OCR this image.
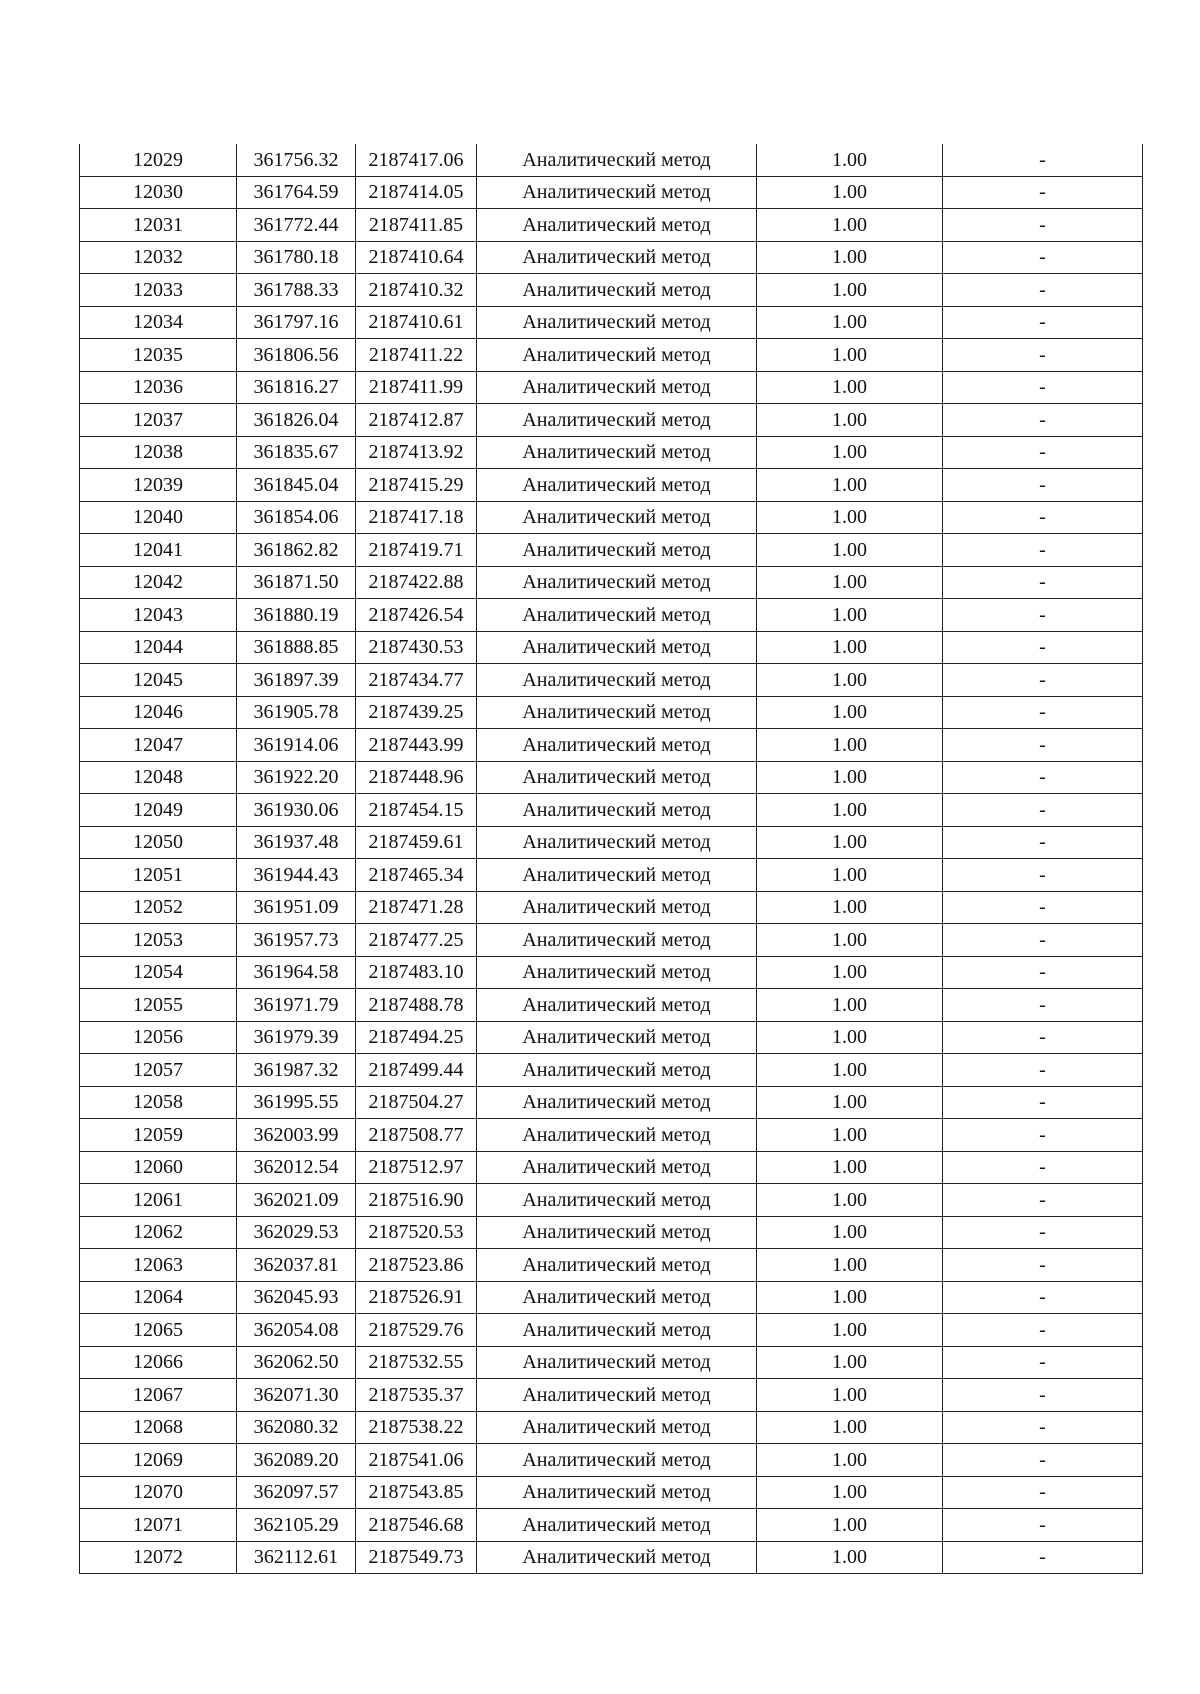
12029	361756.32	2187417.06	Аналитический метод	1.00	-
12030	361764.59	2187414.05	Аналитический метод	1.00	-
12031	361772.44	2187411.85	Аналитический метод	1.00	-
12032	361780.18	2187410.64	Аналитический метод	1.00	-
12033	361788.33	2187410.32	Аналитический метод	1.00	-
12034	361797.16	2187410.61	Аналитический метод	1.00	-
12035	361806.56	2187411.22	Аналитический метод	1.00	-
12036	361816.27	2187411.99	Аналитический метод	1.00	-
12037	361826.04	2187412.87	Аналитический метод	1.00	-
12038	361835.67	2187413.92	Аналитический метод	1.00	-
12039	361845.04	2187415.29	Аналитический метод	1.00	-
12040	361854.06	2187417.18	Аналитический метод	1.00	-
12041	361862.82	2187419.71	Аналитический метод	1.00	-
12042	361871.50	2187422.88	Аналитический метод	1.00	-
12043	361880.19	2187426.54	Аналитический метод	1.00	-
12044	361888.85	2187430.53	Аналитический метод	1.00	-
12045	361897.39	2187434.77	Аналитический метод	1.00	-
12046	361905.78	2187439.25	Аналитический метод	1.00	-
12047	361914.06	2187443.99	Аналитический метод	1.00	-
12048	361922.20	2187448.96	Аналитический метод	1.00	-
12049	361930.06	2187454.15	Аналитический метод	1.00	-
12050	361937.48	2187459.61	Аналитический метод	1.00	-
12051	361944.43	2187465.34	Аналитический метод	1.00	-
12052	361951.09	2187471.28	Аналитический метод	1.00	-
12053	361957.73	2187477.25	Аналитический метод	1.00	-
12054	361964.58	2187483.10	Аналитический метод	1.00	-
12055	361971.79	2187488.78	Аналитический метод	1.00	-
12056	361979.39	2187494.25	Аналитический метод	1.00	-
12057	361987.32	2187499.44	Аналитический метод	1.00	-
12058	361995.55	2187504.27	Аналитический метод	1.00	-
12059	362003.99	2187508.77	Аналитический метод	1.00	-
12060	362012.54	2187512.97	Аналитический метод	1.00	-
12061	362021.09	2187516.90	Аналитический метод	1.00	-
12062	362029.53	2187520.53	Аналитический метод	1.00	-
12063	362037.81	2187523.86	Аналитический метод	1.00	-
12064	362045.93	2187526.91	Аналитический метод	1.00	-
12065	362054.08	2187529.76	Аналитический метод	1.00	-
12066	362062.50	2187532.55	Аналитический метод	1.00	-
12067	362071.30	2187535.37	Аналитический метод	1.00	-
12068	362080.32	2187538.22	Аналитический метод	1.00	-
12069	362089.20	2187541.06	Аналитический метод	1.00	-
12070	362097.57	2187543.85	Аналитический метод	1.00	-
12071	362105.29	2187546.68	Аналитический метод	1.00	-
12072	362112.61	2187549.73	Аналитический метод	1.00	-
